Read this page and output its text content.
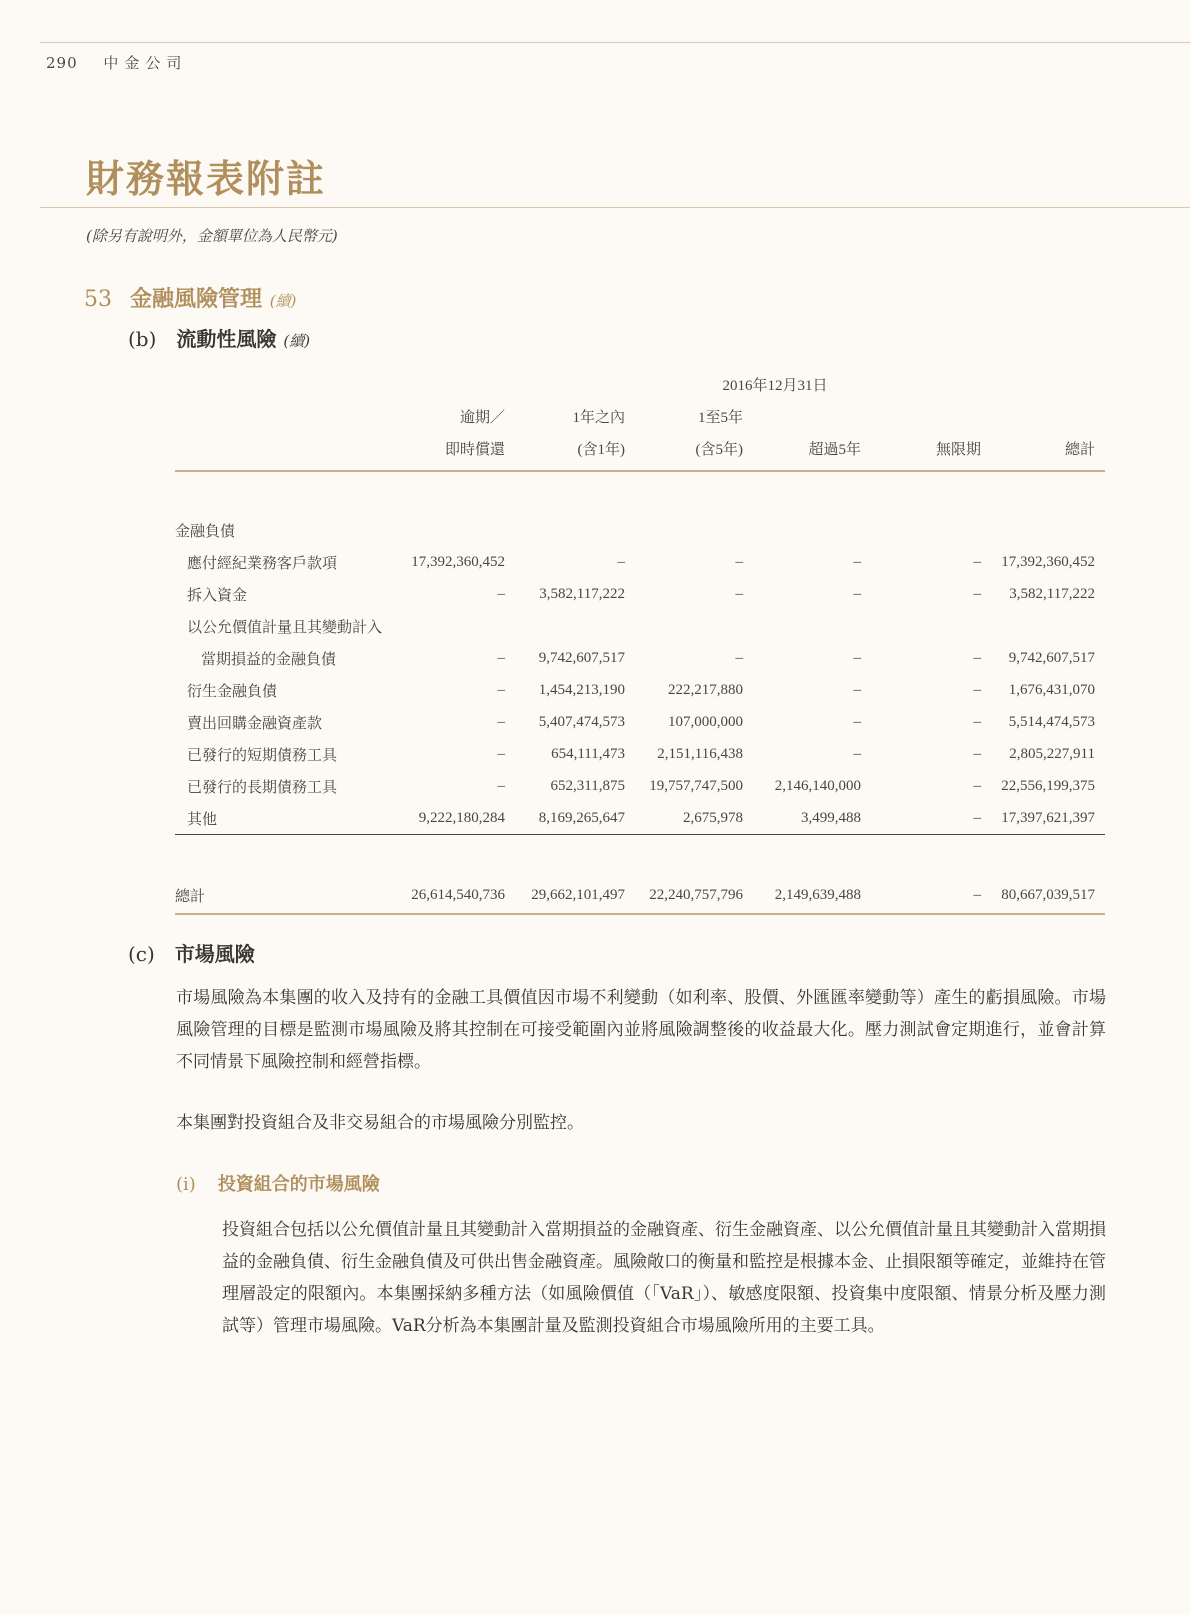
290 中金公司
財務報表附註
(除另有說明外，金額單位為人民幣元)
53 金融風險管理 (續)
(b) 流動性風險 (續)
	2016年12月31日					
	逾期／	1年之內	1至5年			
	即時償還	(含1年)	(含5年)	超過5年	無限期	總計

金融負債						
應付經紀業務客戶款項	17,392,360,452	–	–	–	–	17,392,360,452
拆入資金	–	3,582,117,222	–	–	–	3,582,117,222
以公允價值計量且其變動計入						
當期損益的金融負債	–	9,742,607,517	–	–	–	9,742,607,517
衍生金融負債	–	1,454,213,190	222,217,880	–	–	1,676,431,070
賣出回購金融資產款	–	5,407,474,573	107,000,000	–	–	5,514,474,573
已發行的短期債務工具	–	654,111,473	2,151,116,438	–	–	2,805,227,911
已發行的長期債務工具	–	652,311,875	19,757,747,500	2,146,140,000	–	22,556,199,375
其他	9,222,180,284	8,169,265,647	2,675,978	3,499,488	–	17,397,621,397

總計	26,614,540,736	29,662,101,497	22,240,757,796	2,149,639,488	–	80,667,039,517
(c) 市場風險
市場風險為本集團的收入及持有的金融工具價值因市場不利變動（如利率、股價、外匯匯率變動等）產生的虧損風險。市場風險管理的目標是監測市場風險及將其控制在可接受範圍內並將風險調整後的收益最大化。壓力測試會定期進行，並會計算不同情景下風險控制和經營指標。
本集團對投資組合及非交易組合的市場風險分別監控。
(i) 投資組合的市場風險
投資組合包括以公允價值計量且其變動計入當期損益的金融資產、衍生金融資產、以公允價值計量且其變動計入當期損益的金融負債、衍生金融負債及可供出售金融資產。風險敞口的衡量和監控是根據本金、止損限額等確定，並維持在管理層設定的限額內。本集團採納多種方法（如風險價值（「VaR」）、敏感度限額、投資集中度限額、情景分析及壓力測試等）管理市場風險。VaR分析為本集團計量及監測投資組合市場風險所用的主要工具。
